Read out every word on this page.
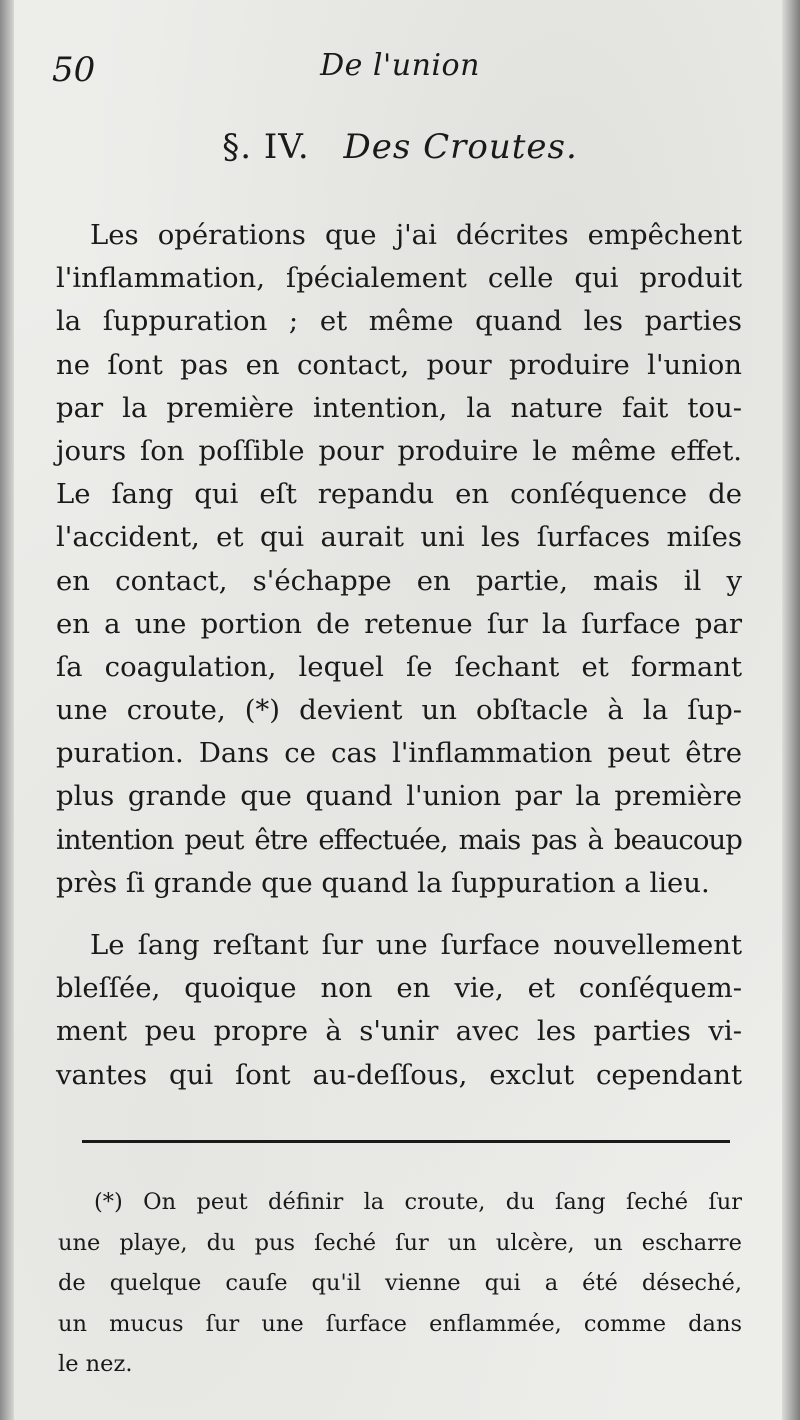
50	De l'union
§. IV. Des Croutes.
Les opérations que j'ai décrites empêchent
l'inflammation, ſpécialement celle qui produit
la ſuppuration ; et même quand les parties
ne ſont pas en contact, pour produire l'union
par la première intention, la nature fait tou-
jours ſon poſſible pour produire le même effet.
Le ſang qui eſt repandu en conſéquence de
l'accident, et qui aurait uni les ſurfaces miſes
en contact, s'échappe en partie, mais il y
en a une portion de retenue ſur la ſurface par
ſa coagulation, lequel ſe ſechant et formant
une croute, (*) devient un obſtacle à la ſup-
puration. Dans ce cas l'inflammation peut être
plus grande que quand l'union par la première
intention peut être effectuée, mais pas à beaucoup
près ſi grande que quand la ſuppuration a lieu.
Le ſang reſtant ſur une ſurface nouvellement
bleſſée, quoique non en vie, et conſéquem-
ment peu propre à s'unir avec les parties vi-
vantes qui ſont au-deſſous, exclut cependant
(*) On peut définir la croute, du ſang ſeché ſur
une playe, du pus ſeché ſur un ulcère, un escharre
de quelque cauſe qu'il vienne qui a été déseché,
un mucus ſur une ſurface enflammée, comme dans
le nez.
